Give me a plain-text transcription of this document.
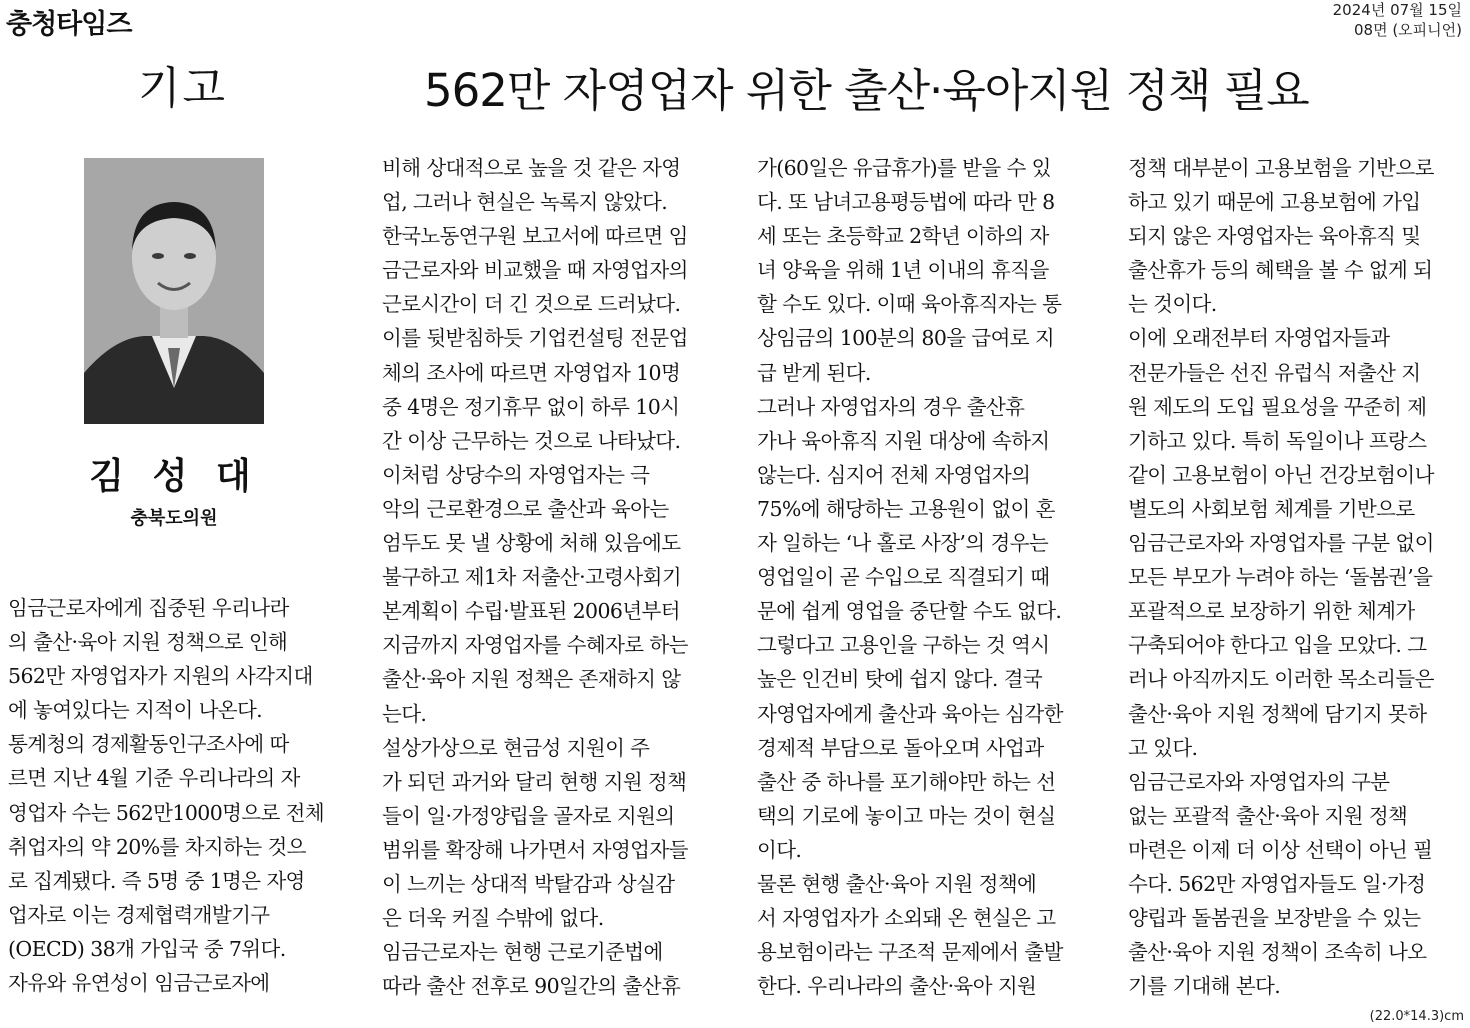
충청타임즈	2024년 07월 15일
08면 (오피니언)
기고	562만 자영업자 위한 출산·육아지원 정책 필요
김 성 대
충북도의원
임금근로자에게 집중된 우리나라
의 출산·육아 지원 정책으로 인해
562만 자영업자가 지원의 사각지대
에 놓여있다는 지적이 나온다.
통계청의 경제활동인구조사에 따
르면 지난 4월 기준 우리나라의 자
영업자 수는 562만1000명으로 전체
취업자의 약 20%를 차지하는 것으
로 집계됐다. 즉 5명 중 1명은 자영
업자로 이는 경제협력개발기구
(OECD) 38개 가입국 중 7위다.
자유와 유연성이 임금근로자에
비해 상대적으로 높을 것 같은 자영
업, 그러나 현실은 녹록지 않았다.
한국노동연구원 보고서에 따르면 임
금근로자와 비교했을 때 자영업자의
근로시간이 더 긴 것으로 드러났다.
이를 뒷받침하듯 기업컨설팅 전문업
체의 조사에 따르면 자영업자 10명
중 4명은 정기휴무 없이 하루 10시
간 이상 근무하는 것으로 나타났다.
이처럼 상당수의 자영업자는 극
악의 근로환경으로 출산과 육아는
엄두도 못 낼 상황에 처해 있음에도
불구하고 제1차 저출산·고령사회기
본계획이 수립·발표된 2006년부터
지금까지 자영업자를 수혜자로 하는
출산·육아 지원 정책은 존재하지 않
는다.
설상가상으로 현금성 지원이 주
가 되던 과거와 달리 현행 지원 정책
들이 일·가정양립을 골자로 지원의
범위를 확장해 나가면서 자영업자들
이 느끼는 상대적 박탈감과 상실감
은 더욱 커질 수밖에 없다.
임금근로자는 현행 근로기준법에
따라 출산 전후로 90일간의 출산휴
가(60일은 유급휴가)를 받을 수 있
다. 또 남녀고용평등법에 따라 만 8
세 또는 초등학교 2학년 이하의 자
녀 양육을 위해 1년 이내의 휴직을
할 수도 있다. 이때 육아휴직자는 통
상임금의 100분의 80을 급여로 지
급 받게 된다.
그러나 자영업자의 경우 출산휴
가나 육아휴직 지원 대상에 속하지
않는다. 심지어 전체 자영업자의
75%에 해당하는 고용원이 없이 혼
자 일하는 ‘나 홀로 사장’의 경우는
영업일이 곧 수입으로 직결되기 때
문에 쉽게 영업을 중단할 수도 없다.
그렇다고 고용인을 구하는 것 역시
높은 인건비 탓에 쉽지 않다. 결국
자영업자에게 출산과 육아는 심각한
경제적 부담으로 돌아오며 사업과
출산 중 하나를 포기해야만 하는 선
택의 기로에 놓이고 마는 것이 현실
이다.
물론 현행 출산·육아 지원 정책에
서 자영업자가 소외돼 온 현실은 고
용보험이라는 구조적 문제에서 출발
한다. 우리나라의 출산·육아 지원
정책 대부분이 고용보험을 기반으로
하고 있기 때문에 고용보험에 가입
되지 않은 자영업자는 육아휴직 및
출산휴가 등의 혜택을 볼 수 없게 되
는 것이다.
이에 오래전부터 자영업자들과
전문가들은 선진 유럽식 저출산 지
원 제도의 도입 필요성을 꾸준히 제
기하고 있다. 특히 독일이나 프랑스
같이 고용보험이 아닌 건강보험이나
별도의 사회보험 체계를 기반으로
임금근로자와 자영업자를 구분 없이
모든 부모가 누려야 하는 ‘돌봄권’을
포괄적으로 보장하기 위한 체계가
구축되어야 한다고 입을 모았다. 그
러나 아직까지도 이러한 목소리들은
출산·육아 지원 정책에 담기지 못하
고 있다.
임금근로자와 자영업자의 구분
없는 포괄적 출산·육아 지원 정책
마련은 이제 더 이상 선택이 아닌 필
수다. 562만 자영업자들도 일·가정
양립과 돌봄권을 보장받을 수 있는
출산·육아 지원 정책이 조속히 나오
기를 기대해 본다.
(22.0*14.3)cm
